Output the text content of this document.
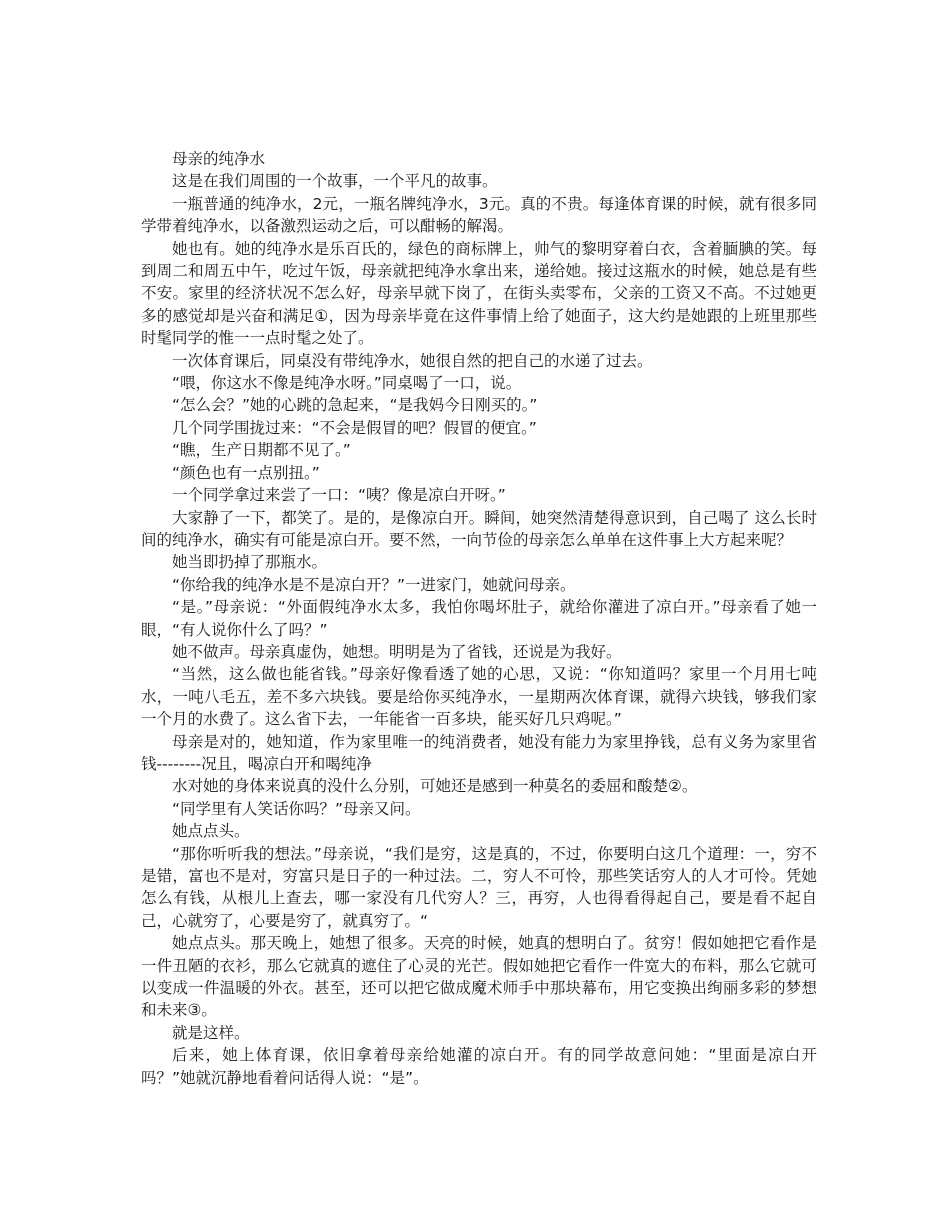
母亲的纯净水

这是在我们周围的一个故事，一个平凡的故事。

一瓶普通的纯净水，2元，一瓶名牌纯净水，3元。真的不贵。每逢体育课的时候，就有很多同学带着纯净水，以备激烈运动之后，可以酣畅的解渴。

她也有。她的纯净水是乐百氏的，绿色的商标牌上，帅气的黎明穿着白衣，含着腼腆的笑。每到周二和周五中午，吃过午饭，母亲就把纯净水拿出来，递给她。接过这瓶水的时候，她总是有些不安。家里的经济状况不怎么好，母亲早就下岗了，在街头卖零布，父亲的工资又不高。不过她更多的感觉却是兴奋和满足①，因为母亲毕竟在这件事情上给了她面子，这大约是她跟的上班里那些时髦同学的惟一一点时髦之处了。

一次体育课后，同桌没有带纯净水，她很自然的把自己的水递了过去。

“喂，你这水不像是纯净水呀。”同桌喝了一口，说。

“怎么会？”她的心跳的急起来，“是我妈今日刚买的。”

几个同学围拢过来：“不会是假冒的吧？假冒的便宜。”

“瞧，生产日期都不见了。”

“颜色也有一点别扭。”

一个同学拿过来尝了一口：“咦？像是凉白开呀。”

大家静了一下，都笑了。是的，是像凉白开。瞬间，她突然清楚得意识到，自己喝了 这么长时间的纯净水，确实有可能是凉白开。要不然，一向节俭的母亲怎么单单在这件事上大方起来呢？

她当即扔掉了那瓶水。

“你给我的纯净水是不是凉白开？”一进家门，她就问母亲。

“是。”母亲说：“外面假纯净水太多，我怕你喝坏肚子，就给你灌进了凉白开。”母亲看了她一眼，“有人说你什么了吗？”

她不做声。母亲真虚伪，她想。明明是为了省钱，还说是为我好。

“当然，这么做也能省钱。”母亲好像看透了她的心思，又说：“你知道吗？家里一个月用七吨水，一吨八毛五，差不多六块钱。要是给你买纯净水，一星期两次体育课，就得六块钱，够我们家一个月的水费了。这么省下去，一年能省一百多块，能买好几只鸡呢。”

母亲是对的，她知道，作为家里唯一的纯消费者，她没有能力为家里挣钱，总有义务为家里省钱--------况且，喝凉白开和喝纯净

水对她的身体来说真的没什么分别，可她还是感到一种莫名的委屈和酸楚②。

“同学里有人笑话你吗？”母亲又问。

她点点头。

“那你听听我的想法。”母亲说，“我们是穷，这是真的，不过，你要明白这几个道理：一，穷不是错，富也不是对，穷富只是日子的一种过法。二，穷人不可怜，那些笑话穷人的人才可怜。凭她怎么有钱，从根儿上查去，哪一家没有几代穷人？三，再穷，人也得看得起自己，要是看不起自己，心就穷了，心要是穷了，就真穷了。“

她点点头。那天晚上，她想了很多。天亮的时候，她真的想明白了。贫穷！假如她把它看作是一件丑陋的衣衫，那么它就真的遮住了心灵的光芒。假如她把它看作一件宽大的布料，那么它就可以变成一件温暖的外衣。甚至，还可以把它做成魔术师手中那块幕布，用它变换出绚丽多彩的梦想和未来③。

就是这样。

后来，她上体育课，依旧拿着母亲给她灌的凉白开。有的同学故意问她：“里面是凉白开吗？”她就沉静地看着问话得人说：“是”。
